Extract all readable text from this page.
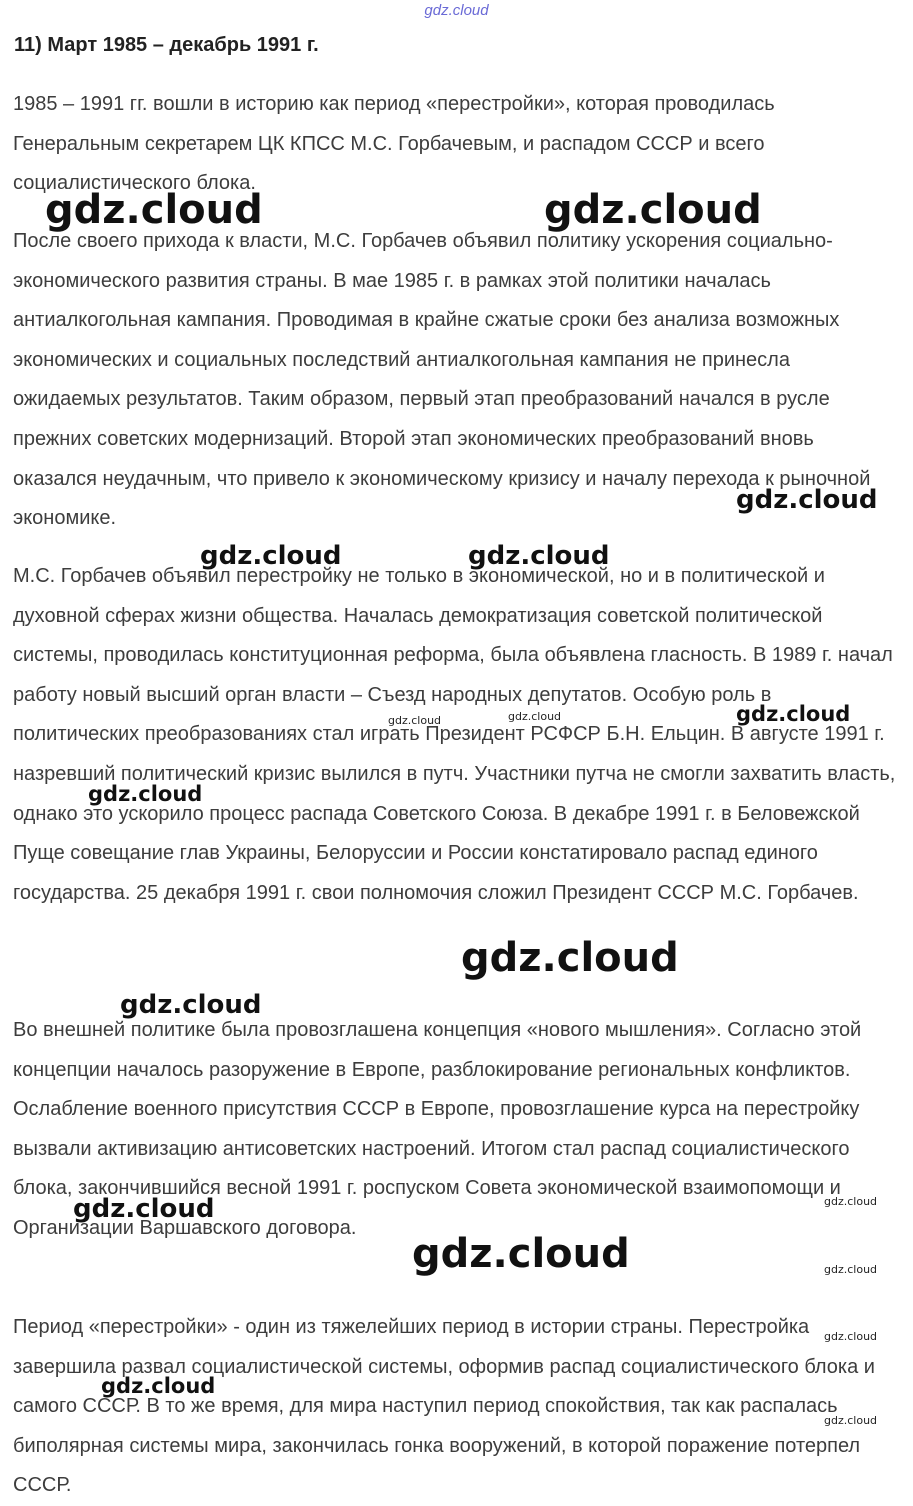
gdz.cloud
11) Март 1985 – декабрь 1991 г.

1985 – 1991 гг. вошли в историю как период «перестройки», которая проводилась Генеральным секретарем ЦК КПСС М.С. Горбачевым, и распадом СССР и всего социалистического блока.

После своего прихода к власти, М.С. Горбачев объявил политику ускорения социально-экономического развития страны. В мае 1985 г. в рамках этой политики началась антиалкогольная кампания. Проводимая в крайне сжатые сроки без анализа возможных экономических и социальных последствий антиалкогольная кампания не принесла ожидаемых результатов. Таким образом, первый этап преобразований начался в русле прежних советских модернизаций. Второй этап экономических преобразований вновь оказался неудачным, что привело к экономическому кризису и началу перехода к рыночной экономике.

М.С. Горбачев объявил перестройку не только в экономической, но и в политической и духовной сферах жизни общества. Началась демократизация советской политической системы, проводилась конституционная реформа, была объявлена гласность. В 1989 г. начал работу новый высший орган власти – Съезд народных депутатов. Особую роль в политических преобразованиях стал играть Президент РСФСР Б.Н. Ельцин. В августе 1991 г. назревший политический кризис вылился в путч. Участники путча не смогли захватить власть, однако это ускорило процесс распада Советского Союза. В декабре 1991 г. в Беловежской Пуще совещание глав Украины, Белоруссии и России констатировало распад единого государства. 25 декабря 1991 г. свои полномочия сложил Президент СССР М.С. Горбачев.

Во внешней политике была провозглашена концепция «нового мышления». Согласно этой концепции началось разоружение в Европе, разблокирование региональных конфликтов. Ослабление военного присутствия СССР в Европе, провозглашение курса на перестройку вызвали активизацию антисоветских настроений. Итогом стал распад социалистического блока, закончившийся весной 1991 г. роспуском Совета экономической взаимопомощи и Организации Варшавского договора.

Период «перестройки» - один из тяжелейших период в истории страны. Перестройка завершила развал социалистической системы, оформив распад социалистического блока и самого СССР. В то же время, для мира наступил период спокойствия, так как распалась биполярная системы мира, закончилась гонка вооружений, в которой поражение потерпел СССР.

gdz.cloud	gdz.cloud
gdz.cloud
gdz.cloud	gdz.cloud
gdz.cloud	gdz.cloud	gdz.cloud
gdz.cloud
gdz.cloud
gdz.cloud
gdz.cloud	gdz.cloud
gdz.cloud	gdz.cloud
gdz.cloud
gdz.cloud
gdz.cloud
